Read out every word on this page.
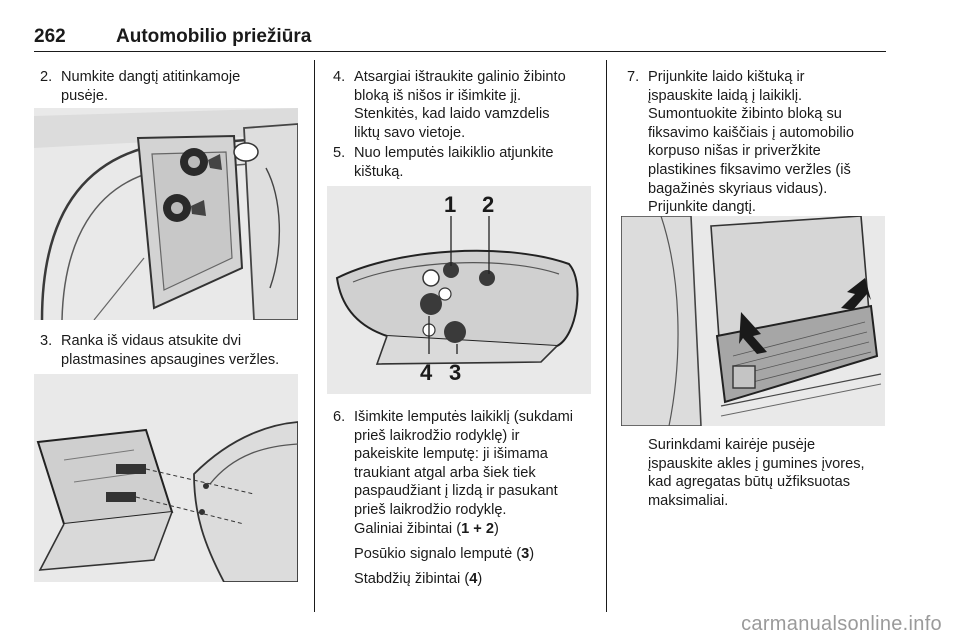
262	Automobilio priežiūra
2. Numkite dangtį atitinkamoje
pusėje.
3. Ranka iš vidaus atsukite dvi
plastmasines apsaugines veržles.
4. Atsargiai ištraukite galinio žibinto
bloką iš nišos ir išimkite jį.
Stenkitės, kad laido vamzdelis
liktų savo vietoje.
5. Nuo lemputės laikiklio atjunkite
kištuką.
1 2
4 3
6. Išimkite lemputės laikiklį (sukdami
prieš laikrodžio rodyklę) ir
pakeiskite lemputę: ji išimama
traukiant atgal arba šiek tiek
paspaudžiant į lizdą ir pasukant
prieš laikrodžio rodyklę.
Galiniai žibintai (1 + 2)
Posūkio signalo lemputė (3)
Stabdžių žibintai (4)
7. Prijunkite laido kištuką ir
įspauskite laidą į laikiklį.
Sumontuokite žibinto bloką su
fiksavimo kaiščiais į automobilio
korpuso nišas ir priveržkite
plastikines fiksavimo veržles (iš
bagažinės skyriaus vidaus).
Prijunkite dangtį.
Surinkdami kairėje pusėje
įspauskite akles į gumines įvores,
kad agregatas būtų užfiksuotas
maksimaliai.
carmanualsonline.info
